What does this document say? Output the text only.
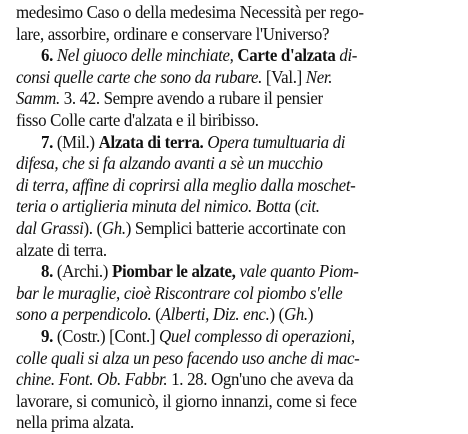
medesimo Caso o della medesima Necessità per rego-
lare, assorbire, ordinare e conservare l'Universo?
6. Nel giuoco delle minchiate, Carte d'alzata di-
consi quelle carte che sono da rubare. [Val.] Ner.
Samm. 3. 42. Sempre avendo a rubare il pensier
fisso Colle carte d'alzata e il biribisso.
7. (Mil.) Alzata di terra. Opera tumultuaria di
difesa, che si fa alzando avanti a sè un mucchio
di terra, affine di coprirsi alla meglio dalla moschet-
teria o artiglieria minuta del nimico. Botta (cit.
dal Grassi). (Gh.) Semplici batterie accortinate con
alzate di terra.
8. (Archi.) Piombar le alzate, vale quanto Piom-
bar le muraglie, cioè Riscontrare col piombo s'elle
sono a perpendicolo. (Alberti, Diz. enc.) (Gh.)
9. (Costr.) [Cont.] Quel complesso di operazioni,
colle quali si alza un peso facendo uso anche di mac-
chine. Font. Ob. Fabbr. 1. 28. Ogn'uno che aveva da
lavorare, si comunicò, il giorno innanzi, come si fece
nella prima alzata.
